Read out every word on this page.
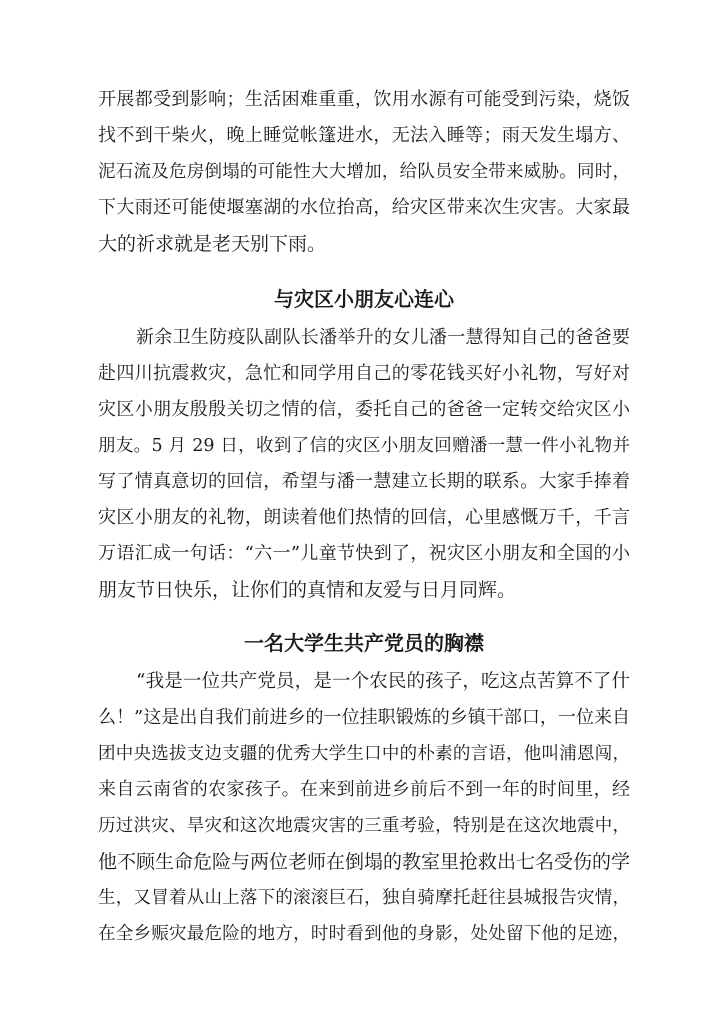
开展都受到影响；生活困难重重，饮用水源有可能受到污染，烧饭
找不到干柴火，晚上睡觉帐篷进水，无法入睡等；雨天发生塌方、
泥石流及危房倒塌的可能性大大增加，给队员安全带来威胁。同时，
下大雨还可能使堰塞湖的水位抬高，给灾区带来次生灾害。大家最
大的祈求就是老天别下雨。
与灾区小朋友心连心
新余卫生防疫队副队长潘举升的女儿潘一慧得知自己的爸爸要
赴四川抗震救灾，急忙和同学用自己的零花钱买好小礼物，写好对
灾区小朋友殷殷关切之情的信，委托自己的爸爸一定转交给灾区小
朋友。5 月 29 日，收到了信的灾区小朋友回赠潘一慧一件小礼物并
写了情真意切的回信，希望与潘一慧建立长期的联系。大家手捧着
灾区小朋友的礼物，朗读着他们热情的回信，心里感慨万千，千言
万语汇成一句话：“六一”儿童节快到了，祝灾区小朋友和全国的小
朋友节日快乐，让你们的真情和友爱与日月同辉。
一名大学生共产党员的胸襟
“我是一位共产党员，是一个农民的孩子，吃这点苦算不了什
么！”这是出自我们前进乡的一位挂职锻炼的乡镇干部口，一位来自
团中央选拔支边支疆的优秀大学生口中的朴素的言语，他叫浦恩闯，
来自云南省的农家孩子。在来到前进乡前后不到一年的时间里，经
历过洪灾、旱灾和这次地震灾害的三重考验，特别是在这次地震中，
他不顾生命危险与两位老师在倒塌的教室里抢救出七名受伤的学
生，又冒着从山上落下的滚滚巨石，独自骑摩托赶往县城报告灾情，
在全乡赈灾最危险的地方，时时看到他的身影，处处留下他的足迹，
